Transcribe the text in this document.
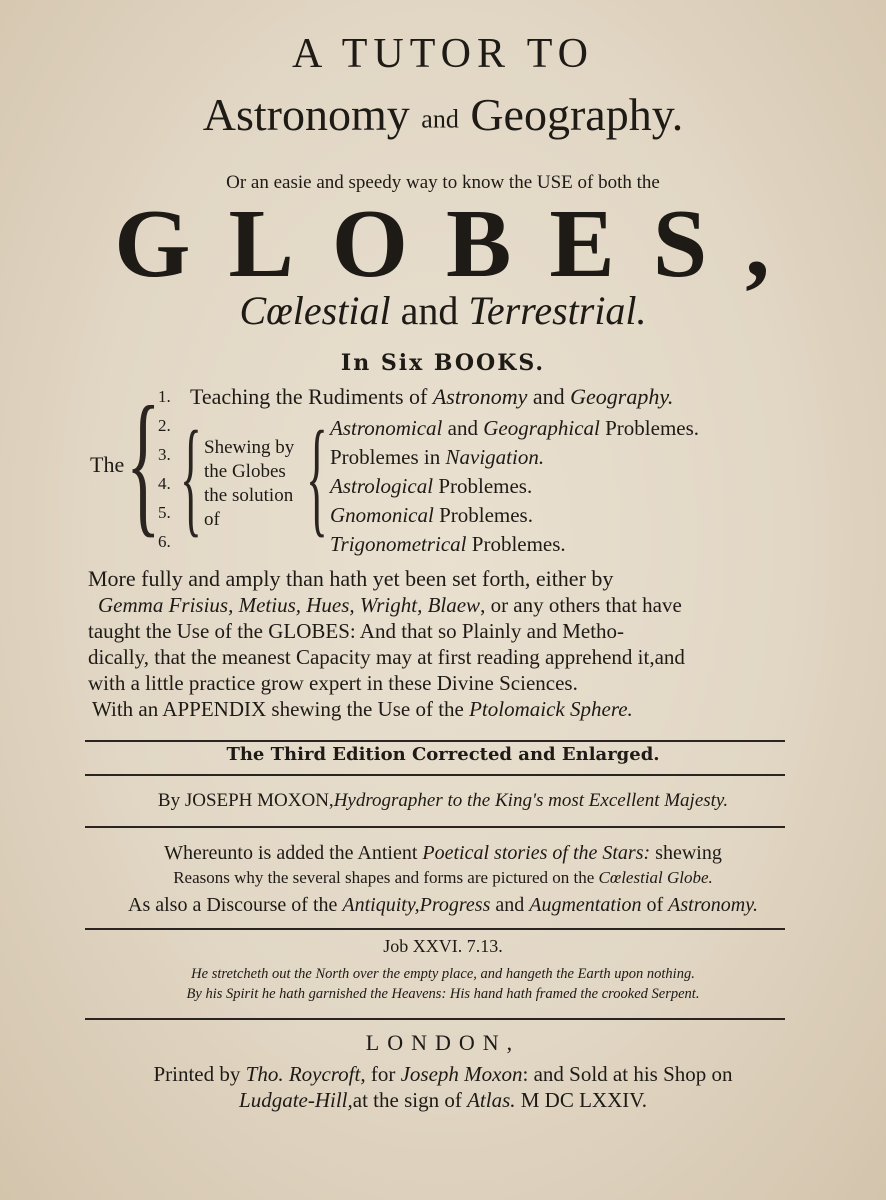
A TUTOR TO
Astronomy and Geography.
Or an easie and speedy way to know the USE of both the
GLOBES,
Cœlestial and Terrestrial.
In Six BOOKS.
The {
1.
2.
3.
4.
5.
6.
Teaching the Rudiments of Astronomy and Geography.
{ Shewing by
the Globes
the solution
of { Astronomical and Geographical Problemes.
Problemes in Navigation.
Astrological Problemes.
Gnomonical Problemes.
Trigonometrical Problemes.
More fully and amply than hath yet been set forth, either by
Gemma Frisius, Metius, Hues, Wright, Blaew, or any others that have
taught the Use of the GLOBES: And that so Plainly and Metho-
dically, that the meanest Capacity may at first reading apprehend it,and
with a little practice grow expert in these Divine Sciences.
With an APPENDIX shewing the Use of the Ptolomaick Sphere.
The Third Edition Corrected and Enlarged.
By JOSEPH MOXON,Hydrographer to the King's most Excellent Majesty.
Whereunto is added the Antient Poetical stories of the Stars: shewing
Reasons why the several shapes and forms are pictured on the Cœlestial Globe.
As also a Discourse of the Antiquity,Progress and Augmentation of Astronomy.
Job XXVI. 7.13.
He stretcheth out the North over the empty place, and hangeth the Earth upon nothing.
By his Spirit he hath garnished the Heavens: His hand hath framed the crooked Serpent.
LONDON,
Printed by Tho. Roycroft, for Joseph Moxon: and Sold at his Shop on
Ludgate-Hill,at the sign of Atlas. M DC LXXIV.
